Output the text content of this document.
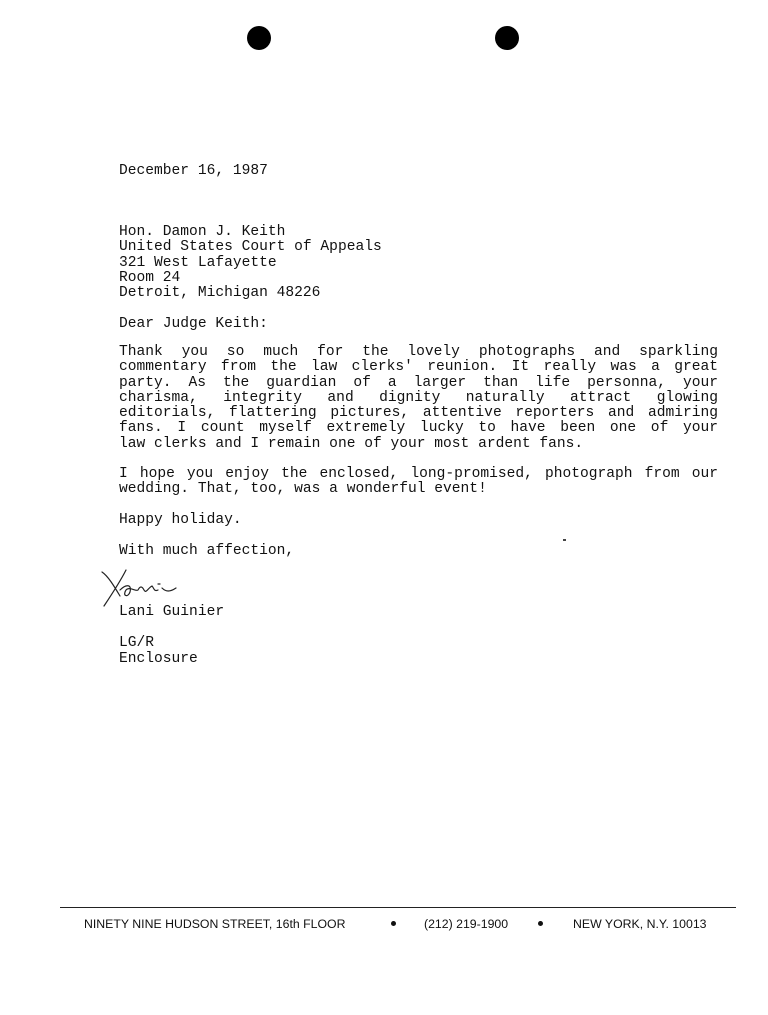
December 16, 1987

Hon. Damon J. Keith
United States Court of Appeals
321 West Lafayette
Room 24
Detroit, Michigan 48226

Dear Judge Keith:

Thank you so much for the lovely photographs and sparkling
commentary from the law clerks' reunion. It really was a great
party. As the guardian of a larger than life personna, your
charisma, integrity and dignity naturally attract glowing
editorials, flattering pictures, attentive reporters and admiring
fans. I count myself extremely lucky to have been one of your
law clerks and I remain one of your most ardent fans.
I hope you enjoy the enclosed, long-promised, photograph from our
wedding. That, too, was a wonderful event!

Happy holiday.

With much affection,

Lani Guinier

LG/R

Enclosure

NINETY NINE HUDSON STREET, 16th FLOOR

	(212) 219-1900

	NEW YORK, N.Y. 10013
